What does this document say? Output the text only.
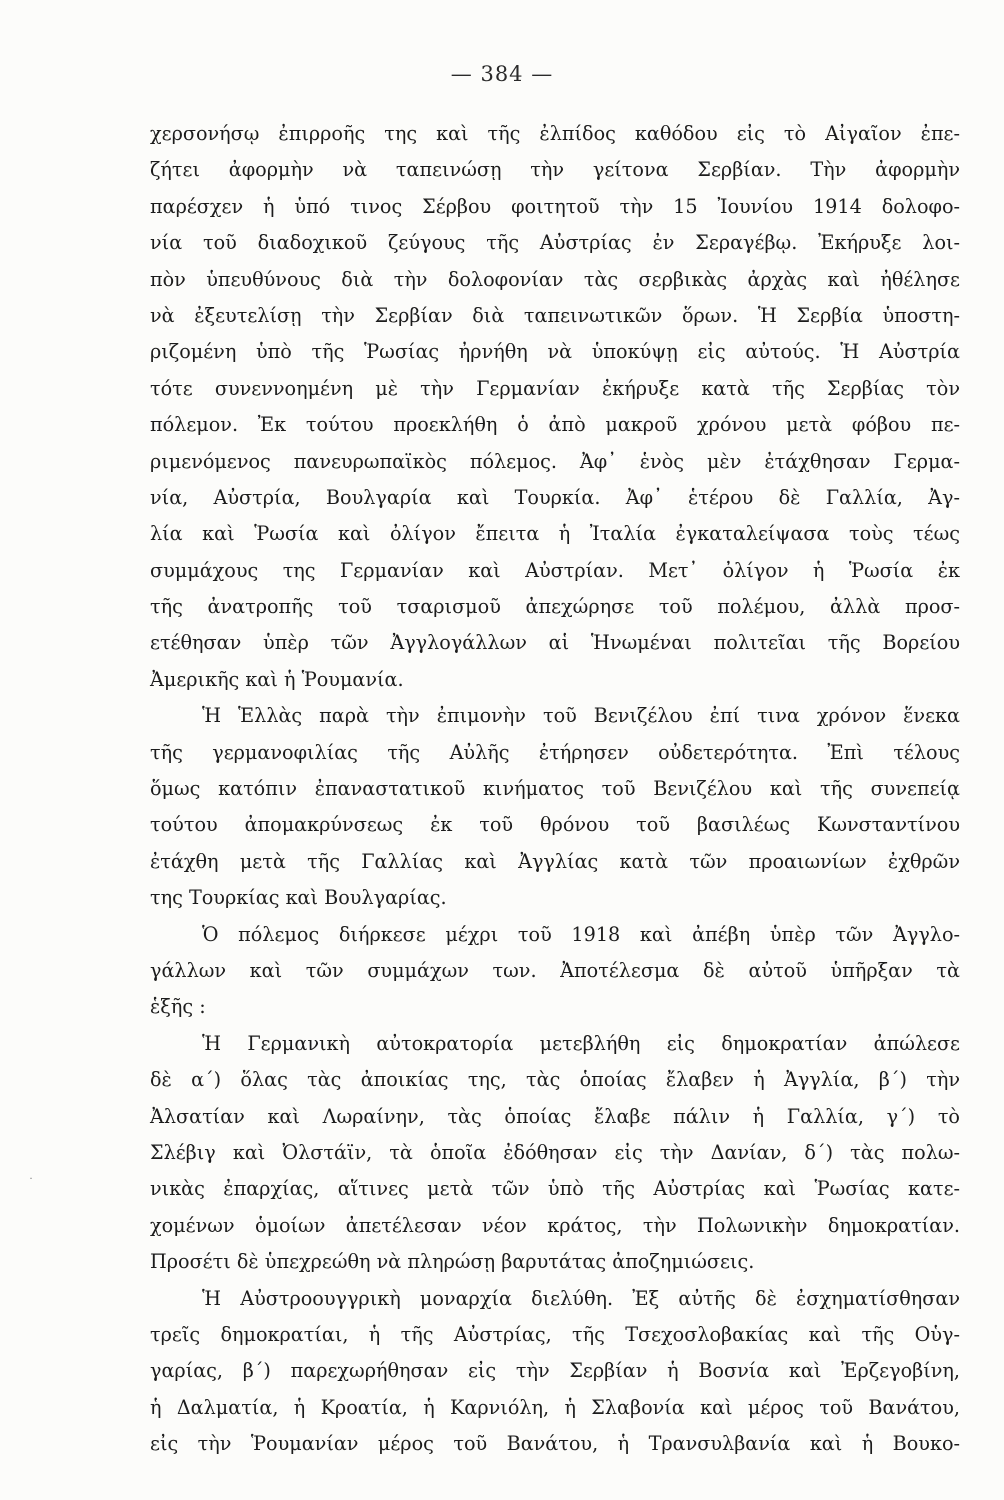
— 384 —
χερσονήσῳ ἐπιρροῆς της καὶ τῆς ἐλπίδος καθόδου εἰς τὸ Αἰγαῖον ἐπε-
ζήτει ἀφορμὴν νὰ ταπεινώσῃ τὴν γείτονα Σερβίαν. Τὴν ἀφορμὴν
παρέσχεν ἡ ὑπό τινος Σέρβου φοιτητοῦ τὴν 15 Ἰουνίου 1914 δολοφο-
νία τοῦ διαδοχικοῦ ζεύγους τῆς Αὐστρίας ἐν Σεραγέβῳ. Ἐκήρυξε λοι-
πὸν ὑπευθύνους διὰ τὴν δολοφονίαν τὰς σερβικὰς ἀρχὰς καὶ ἠθέλησε
νὰ ἐξευτελίσῃ τὴν Σερβίαν διὰ ταπεινωτικῶν ὅρων. Ἡ Σερβία ὑποστη-
ριζομένη ὑπὸ τῆς Ῥωσίας ἠρνήθη νὰ ὑποκύψῃ εἰς αὐτούς. Ἡ Αὐστρία
τότε συνεννοημένη μὲ τὴν Γερμανίαν ἐκήρυξε κατὰ τῆς Σερβίας τὸν
πόλεμον. Ἐκ τούτου προεκλήθη ὁ ἀπὸ μακροῦ χρόνου μετὰ φόβου πε-
ριμενόμενος πανευρωπαϊκὸς πόλεμος. Ἀφ᾽ ἑνὸς μὲν ἐτάχθησαν Γερμα-
νία, Αὐστρία, Βουλγαρία καὶ Τουρκία. Ἀφ᾽ ἑτέρου δὲ Γαλλία, Ἀγ-
λία καὶ Ῥωσία καὶ ὀλίγον ἔπειτα ἡ Ἰταλία ἐγκαταλείψασα τοὺς τέως
συμμάχους της Γερμανίαν καὶ Αὐστρίαν. Μετ᾽ ὀλίγον ἡ Ῥωσία ἐκ
τῆς ἀνατροπῆς τοῦ τσαρισμοῦ ἀπεχώρησε τοῦ πολέμου, ἀλλὰ προσ-
ετέθησαν ὑπὲρ τῶν Ἀγγλογάλλων αἱ Ἡνωμέναι πολιτεῖαι τῆς Βορείου
Ἀμερικῆς καὶ ἡ Ῥουμανία.
Ἡ Ἑλλὰς παρὰ τὴν ἐπιμονὴν τοῦ Βενιζέλου ἐπί τινα χρόνον ἕνεκα
τῆς γερμανοφιλίας τῆς Αὐλῆς ἐτήρησεν οὐδετερότητα. Ἐπὶ τέλους
ὅμως κατόπιν ἐπαναστατικοῦ κινήματος τοῦ Βενιζέλου καὶ τῆς συνεπείᾳ
τούτου ἀπομακρύνσεως ἐκ τοῦ θρόνου τοῦ βασιλέως Κωνσταντίνου
ἐτάχθη μετὰ τῆς Γαλλίας καὶ Ἀγγλίας κατὰ τῶν προαιωνίων ἐχθρῶν
της Τουρκίας καὶ Βουλγαρίας.
Ὁ πόλεμος διήρκεσε μέχρι τοῦ 1918 καὶ ἀπέβη ὑπὲρ τῶν Ἀγγλο-
γάλλων καὶ τῶν συμμάχων των. Ἀποτέλεσμα δὲ αὐτοῦ ὑπῆρξαν τὰ
ἑξῆς :
Ἡ Γερμανικὴ αὐτοκρατορία μετεβλήθη εἰς δημοκρατίαν ἀπώλεσε
δὲ α΄) ὅλας τὰς ἀποικίας της, τὰς ὁποίας ἔλαβεν ἡ Ἀγγλία, β΄) τὴν
Ἀλσατίαν καὶ Λωραίνην, τὰς ὁποίας ἔλαβε πάλιν ἡ Γαλλία, γ΄) τὸ
Σλέβιγ καὶ Ὀλστάϊν, τὰ ὁποῖα ἐδόθησαν εἰς τὴν Δανίαν, δ΄) τὰς πολω-
νικὰς ἐπαρχίας, αἵτινες μετὰ τῶν ὑπὸ τῆς Αὐστρίας καὶ Ῥωσίας κατε-
χομένων ὁμοίων ἀπετέλεσαν νέον κράτος, τὴν Πολωνικὴν δημοκρατίαν.
Προσέτι δὲ ὑπεχρεώθη νὰ πληρώσῃ βαρυτάτας ἀποζημιώσεις.
Ἡ Αὐστροουγγρικὴ μοναρχία διελύθη. Ἐξ αὐτῆς δὲ ἐσχηματίσθησαν
τρεῖς δημοκρατίαι, ἡ τῆς Αὐστρίας, τῆς Τσεχοσλοβακίας καὶ τῆς Οὑγ-
γαρίας, β΄) παρεχωρήθησαν εἰς τὴν Σερβίαν ἡ Βοσνία καὶ Ἐρζεγοβίνη,
ἡ Δαλματία, ἡ Κροατία, ἡ Καρνιόλη, ἡ Σλαβονία καὶ μέρος τοῦ Βανάτου,
εἰς τὴν Ῥουμανίαν μέρος τοῦ Βανάτου, ἡ Τρανσυλβανία καὶ ἡ Βουκο-
˙
